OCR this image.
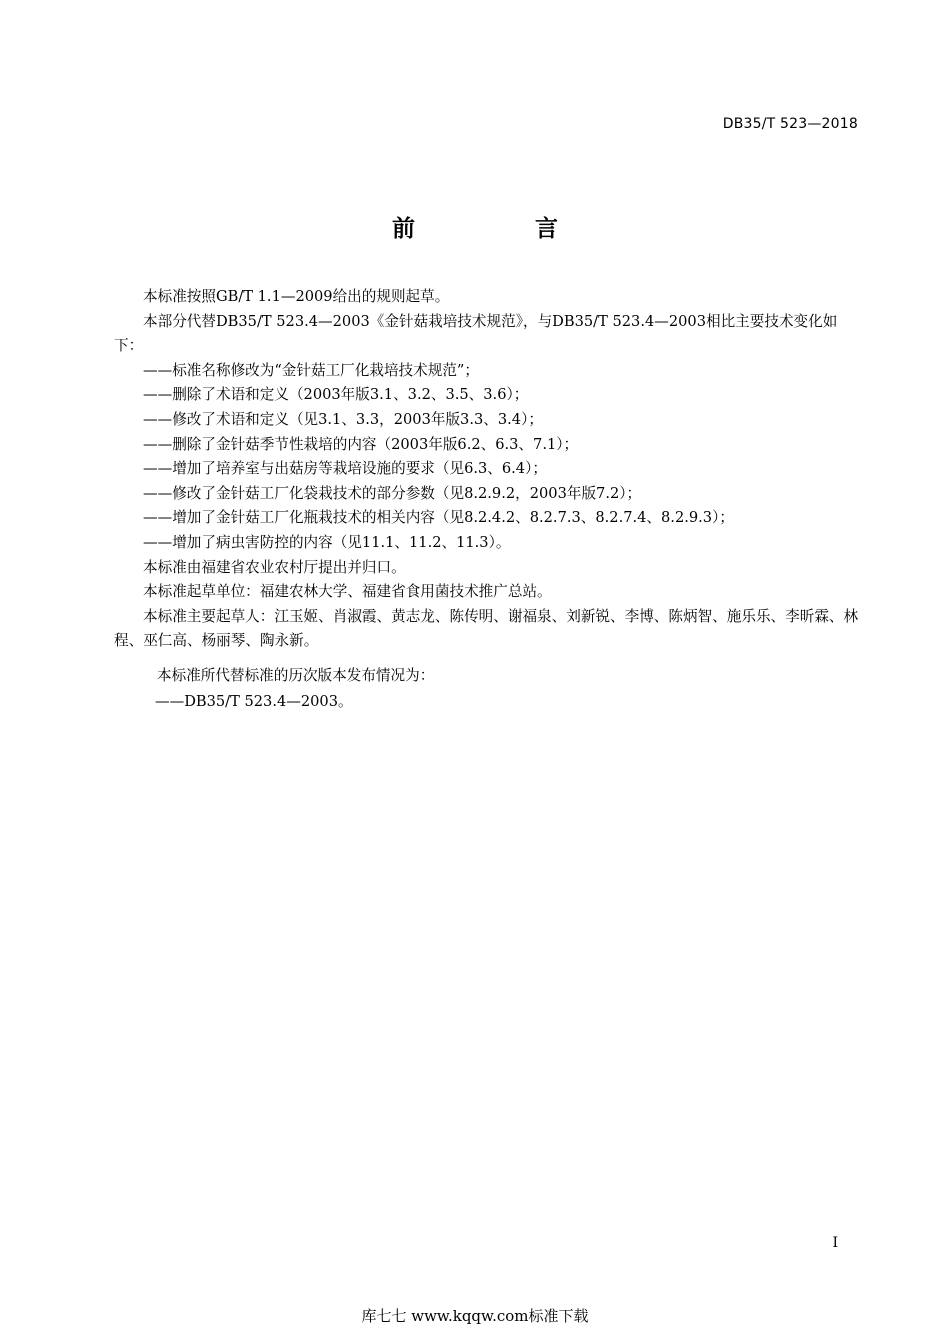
DB35/T 523—2018
前 言

本标准按照GB/T 1.1—2009给出的规则起草。

本部分代替DB35/T 523.4—2003《金针菇栽培技术规范》，与DB35/T 523.4—2003相比主要技术变化如下：

——标准名称修改为“金针菇工厂化栽培技术规范”；

——删除了术语和定义（2003年版3.1、3.2、3.5、3.6）；

——修改了术语和定义（见3.1、3.3，2003年版3.3、3.4）；

——删除了金针菇季节性栽培的内容（2003年版6.2、6.3、7.1）；

——增加了培养室与出菇房等栽培设施的要求（见6.3、6.4）；

——修改了金针菇工厂化袋栽技术的部分参数（见8.2.9.2，2003年版7.2）；

——增加了金针菇工厂化瓶栽技术的相关内容（见8.2.4.2、8.2.7.3、8.2.7.4、8.2.9.3）；

——增加了病虫害防控的内容（见11.1、11.2、11.3）。

本标准由福建省农业农村厅提出并归口。

本标准起草单位：福建农林大学、福建省食用菌技术推广总站。

本标准主要起草人：江玉姬、肖淑霞、黄志龙、陈传明、谢福泉、刘新锐、李博、陈炳智、施乐乐、李昕霖、林程、巫仁高、杨丽琴、陶永新。

本标准所代替标准的历次版本发布情况为：

——DB35/T 523.4—2003。

I
库七七 www.kqqw.com标准下载
